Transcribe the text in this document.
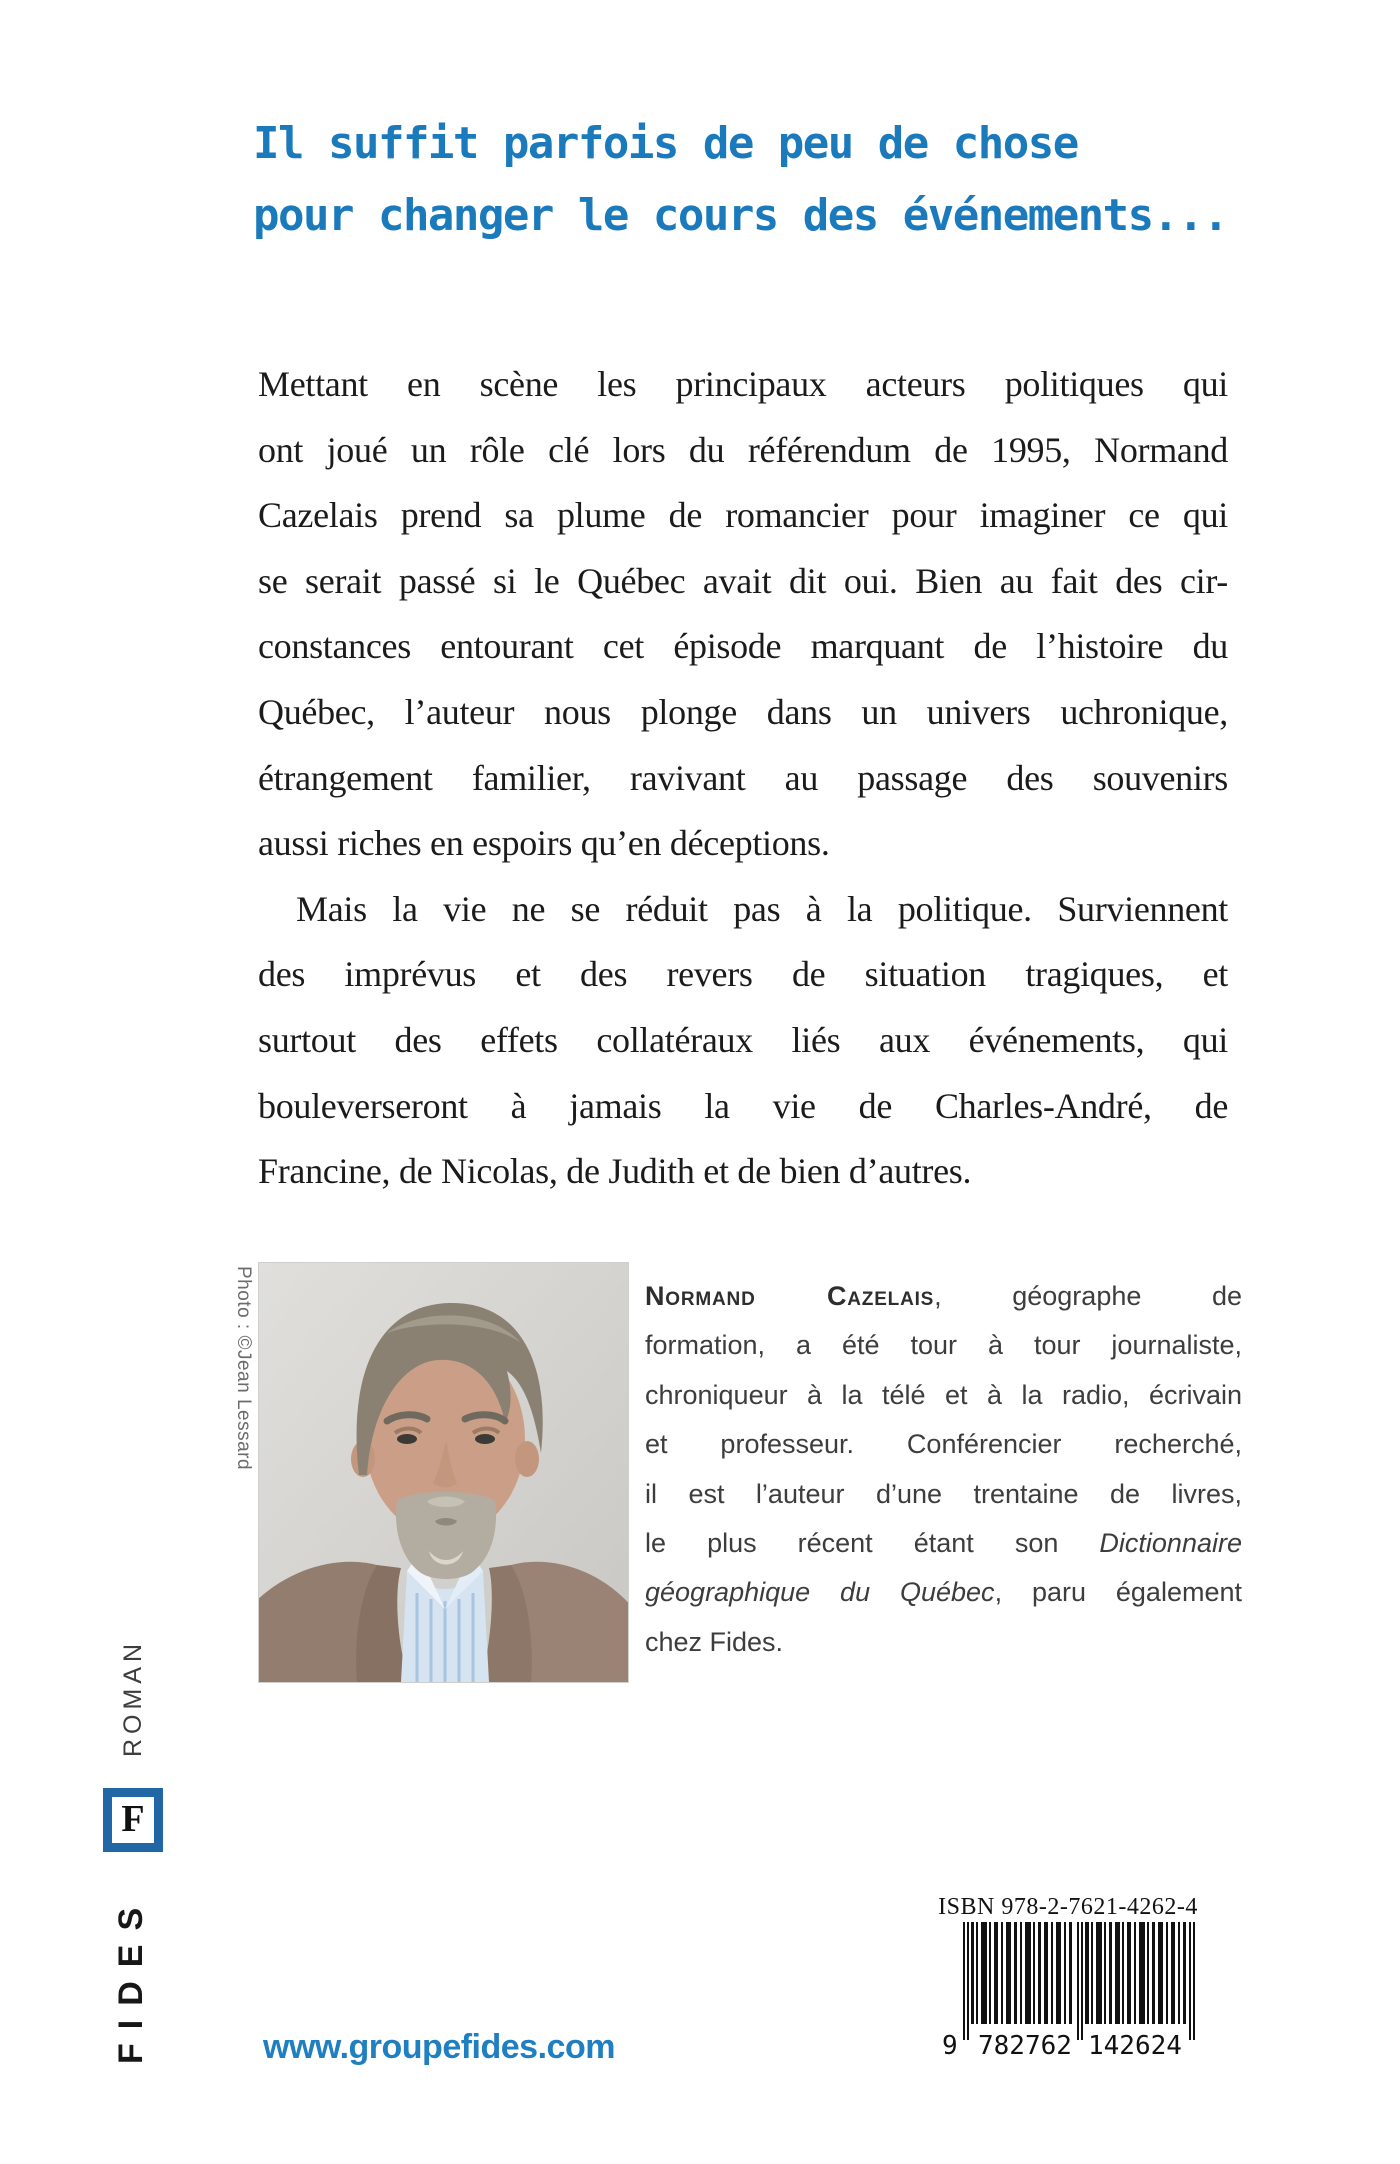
Il suffit parfois de peu de chose
pour changer le cours des événements...
Mettant en scène les principaux acteurs politiques qui
ont joué un rôle clé lors du référendum de 1995, Normand
Cazelais prend sa plume de romancier pour imaginer ce qui
se serait passé si le Québec avait dit oui. Bien au fait des cir-
constances entourant cet épisode marquant de l’histoire du
Québec, l’auteur nous plonge dans un univers uchronique,
étrangement familier, ravivant au passage des souvenirs
aussi riches en espoirs qu’en déceptions.
Mais la vie ne se réduit pas à la politique. Surviennent
des imprévus et des revers de situation tragiques, et
surtout des effets collatéraux liés aux événements, qui
bouleverseront à jamais la vie de Charles-André, de
Francine, de Nicolas, de Judith et de bien d’autres.
Photo : ©Jean Lessard	Normand Cazelais, géographe de
formation, a été tour à tour journaliste,
chroniqueur à la télé et à la radio, écrivain
et professeur. Conférencier recherché,
il est l’auteur d’une trentaine de livres,
le plus récent étant son Dictionnaire
géographique du Québec, paru également
chez Fides.
ROMAN
F
FIDES	www.groupefides.com
ISBN 978-2-7621-4262-4
9 782762 142624
